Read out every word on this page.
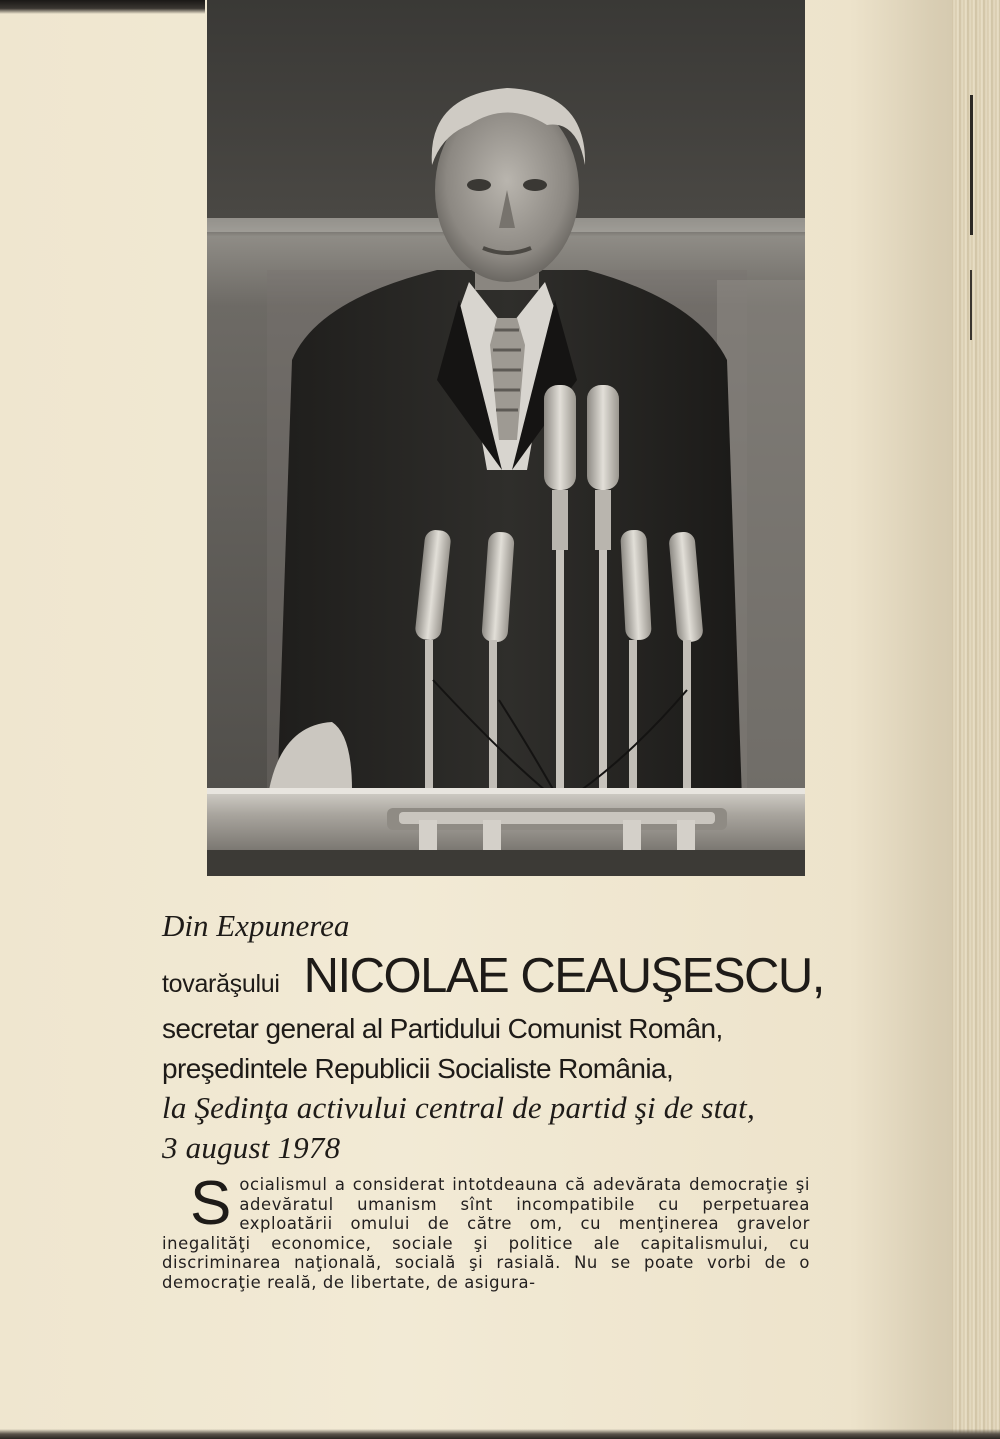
Din Expunerea

tovarăşului NICOLAE CEAUŞESCU,

secretar general al Partidului Comunist Român,

preşedintele Republicii Socialiste România,

la Şedinţa activului central de partid şi de stat,

3 august 1978

S ocialismul a considerat intotdeauna că adevărata democraţie şi adevăratul umanism sînt incompatibile cu perpetuarea exploatării omului de către om, cu menţinerea gravelor inegalităţi economice, sociale şi politice ale capitalismului, cu discriminarea naţională, socială şi rasială. Nu se poate vorbi de o democraţie reală, de libertate, de asigura-
